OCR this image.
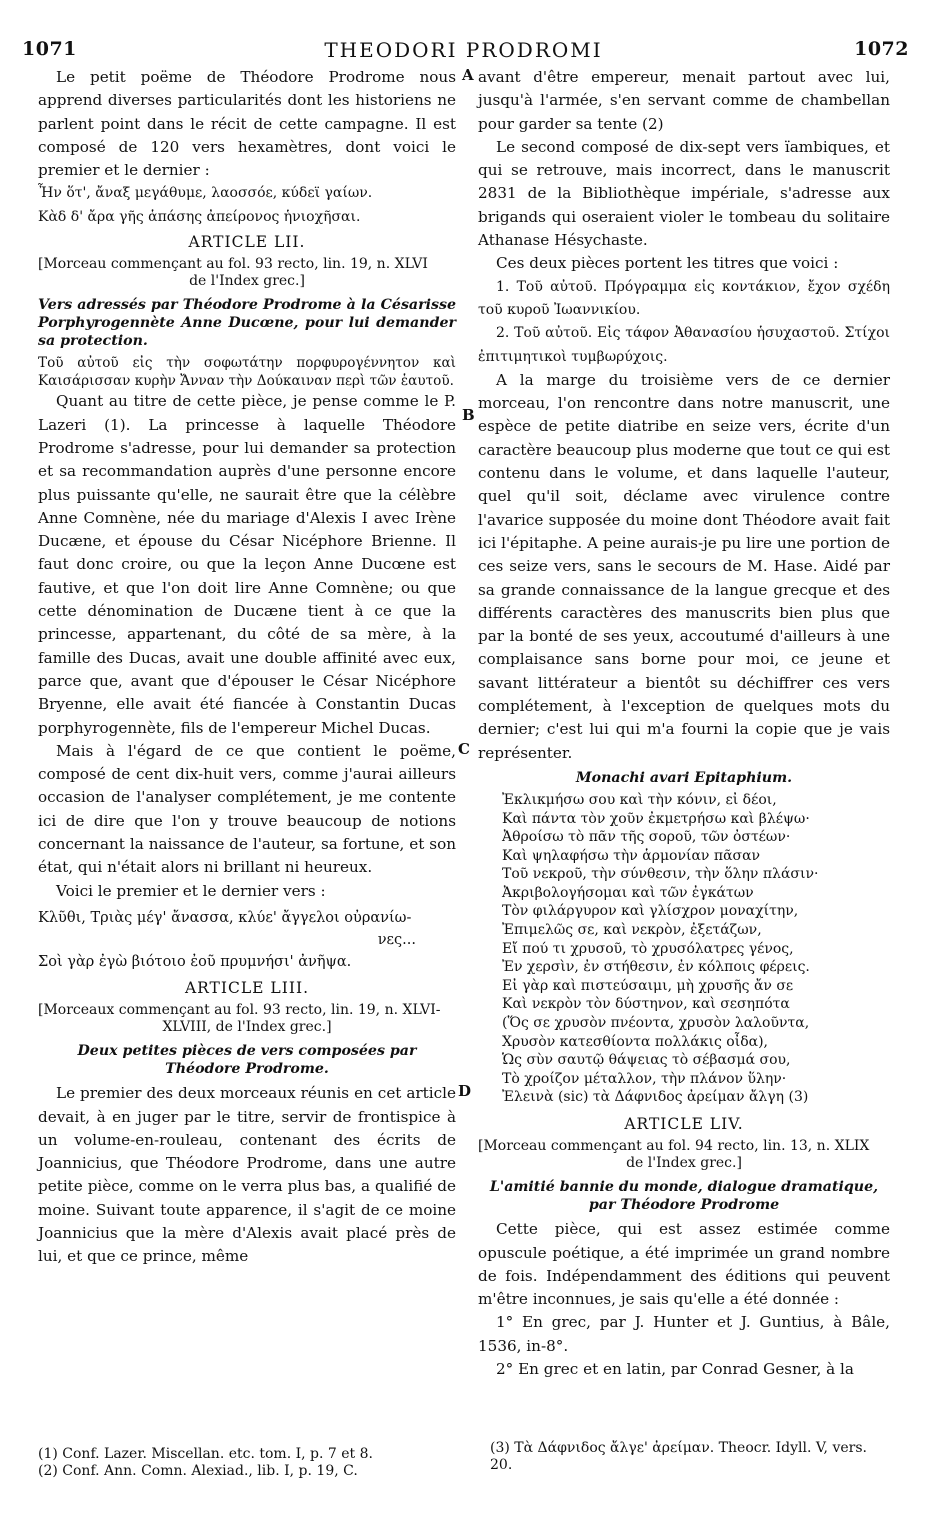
1071	THEODORI PRODROMI	1072
A
B
C
D

Le petit poëme de Théodore Prodrome nous apprend diverses particularités dont les historiens ne parlent point dans le récit de cette campagne. Il est composé de 120 vers hexamètres, dont voici le premier et le dernier :

Ἦν ὅτ', ἄναξ μεγάθυμε, λαοσσόε, κύδεϊ γαίων.

Κὰδ δ' ἄρα γῆς ἁπάσης ἀπείρονος ἡνιοχῆσαι.

ARTICLE LII.

[Morceau commençant au fol. 93 recto, lin. 19, n. XLVI
de l'Index grec.]

Vers adressés par Théodore Prodrome à la Césarisse Porphyrogennète Anne Ducœne, pour lui demander sa protection.

Τοῦ αὐτοῦ εἰς τὴν σοφωτάτην πορφυρογέννητον καὶ Καισάρισσαν κυρὴν Ἄνναν τὴν Δούκαιναν περὶ τῶν ἑαυτοῦ.

Quant au titre de cette pièce, je pense comme le P. Lazeri (1). La princesse à laquelle Théodore Prodrome s'adresse, pour lui demander sa protection et sa recommandation auprès d'une personne encore plus puissante qu'elle, ne saurait être que la célèbre Anne Comnène, née du mariage d'Alexis I avec Irène Ducæne, et épouse du César Nicéphore Brienne. Il faut donc croire, ou que la leçon Anne Ducœne est fautive, et que l'on doit lire Anne Comnène; ou que cette dénomination de Ducæne tient à ce que la princesse, appartenant, du côté de sa mère, à la famille des Ducas, avait une double affinité avec eux, parce que, avant que d'épouser le César Nicéphore Bryenne, elle avait été fiancée à Constantin Ducas porphyrogennète, fils de l'empereur Michel Ducas.

Mais à l'égard de ce que contient le poëme, composé de cent dix-huit vers, comme j'aurai ailleurs occasion de l'analyser complétement, je me contente ici de dire que l'on y trouve beaucoup de notions concernant la naissance de l'auteur, sa fortune, et son état, qui n'était alors ni brillant ni heureux.

Voici le premier et le dernier vers :

Κλῦθι, Τριὰς μέγ' ἄνασσα, κλύε' ἄγγελοι οὐρανίω-
νες...
Σοὶ γὰρ ἐγὼ βιότοιο ἐοῦ πρυμνήσι' ἀνῆψα.

ARTICLE LIII.

[Morceaux commençant au fol. 93 recto, lin. 19, n. XLVI-
XLVIII, de l'Index grec.]

Deux petites pièces de vers composées par Théodore Prodrome.

Le premier des deux morceaux réunis en cet article devait, à en juger par le titre, servir de frontispice à un volume-en-rouleau, contenant des écrits de Joannicius, que Théodore Prodrome, dans une autre petite pièce, comme on le verra plus bas, a qualifié de moine. Suivant toute apparence, il s'agit de ce moine Joannicius que la mère d'Alexis avait placé près de lui, et que ce prince, même

(1) Conf. Lazer. Miscellan. etc. tom. I, p. 7 et 8.
(2) Conf. Ann. Comn. Alexiad., lib. I, p. 19, C.

avant d'être empereur, menait partout avec lui, jusqu'à l'armée, s'en servant comme de chambellan pour garder sa tente (2)

Le second composé de dix-sept vers ïambiques, et qui se retrouve, mais incorrect, dans le manuscrit 2831 de la Bibliothèque impériale, s'adresse aux brigands qui oseraient violer le tombeau du solitaire Athanase Hésychaste.

Ces deux pièces portent les titres que voici :

1. Τοῦ αὐτοῦ. Πρόγραμμα εἰς κοντάκιον, ἔχον σχέδη τοῦ κυροῦ Ἰωαννικίου.

2. Τοῦ αὐτοῦ. Εἰς τάφον Ἀθανασίου ἡσυχαστοῦ. Στίχοι ἐπιτιμητικοὶ τυμβωρύχοις.

A la marge du troisième vers de ce dernier morceau, l'on rencontre dans notre manuscrit, une espèce de petite diatribe en seize vers, écrite d'un caractère beaucoup plus moderne que tout ce qui est contenu dans le volume, et dans laquelle l'auteur, quel qu'il soit, déclame avec virulence contre l'avarice supposée du moine dont Théodore avait fait ici l'épitaphe. A peine aurais-je pu lire une portion de ces seize vers, sans le secours de M. Hase. Aidé par sa grande connaissance de la langue grecque et des différents caractères des manuscrits bien plus que par la bonté de ses yeux, accoutumé d'ailleurs à une complaisance sans borne pour moi, ce jeune et savant littérateur a bientôt su déchiffrer ces vers complétement, à l'exception de quelques mots du dernier; c'est lui qui m'a fourni la copie que je vais représenter.

Monachi avari Epitaphium.

Ἐκλικμήσω σου καὶ τὴν κόνιν, εἰ δέοι,
Καὶ πάντα τὸν χοῦν ἐκμετρήσω καὶ βλέψω·
Ἀθροίσω τὸ πᾶν τῆς σοροῦ, τῶν ὀστέων·
Καὶ ψηλαφήσω τὴν ἁρμονίαν πᾶσαν
Τοῦ νεκροῦ, τὴν σύνθεσιν, τὴν ὅλην πλάσιν·
Ἀκριβολογήσομαι καὶ τῶν ἐγκάτων
Τὸν φιλάργυρον καὶ γλίσχρον μοναχίτην,
Ἐπιμελῶς σε, καὶ νεκρὸν, ἐξετάζων,
Εἴ πού τι χρυσοῦ, τὸ χρυσόλατρες γένος,
Ἐν χερσὶν, ἐν στήθεσιν, ἐν κόλποις φέρεις.
Εἰ γὰρ καὶ πιστεύσαιμι, μὴ χρυσῆς ἄν σε
Καὶ νεκρὸν τὸν δύστηνον, καὶ σεσηπότα
(Ὅς σε χρυσὸν πνέοντα, χρυσὸν λαλοῦντα,
Χρυσὸν κατεσθίοντα πολλάκις οἶδα),
Ὡς σὺν σαυτῷ θάψειας τὸ σέβασμά σου,
Τὸ χροίζον μέταλλον, τὴν πλάνον ὕλην·
Ἐλεινὰ (sic) τὰ Δάφνιδος ἀρείμαν ἄλγη (3)

ARTICLE LIV.

[Morceau commençant au fol. 94 recto, lin. 13, n. XLIX
de l'Index grec.]

L'amitié bannie du monde, dialogue dramatique,

par Théodore Prodrome

Cette pièce, qui est assez estimée comme opuscule poétique, a été imprimée un grand nombre de fois. Indépendamment des éditions qui peuvent m'être inconnues, je sais qu'elle a été donnée :

1° En grec, par J. Hunter et J. Guntius, à Bâle, 1536, in-8°.

2° En grec et en latin, par Conrad Gesner, à la

(3) Τὰ Δάφνιδος ἄλγε' ἀρείμαν. Theocr. Idyll. V, vers. 20.
